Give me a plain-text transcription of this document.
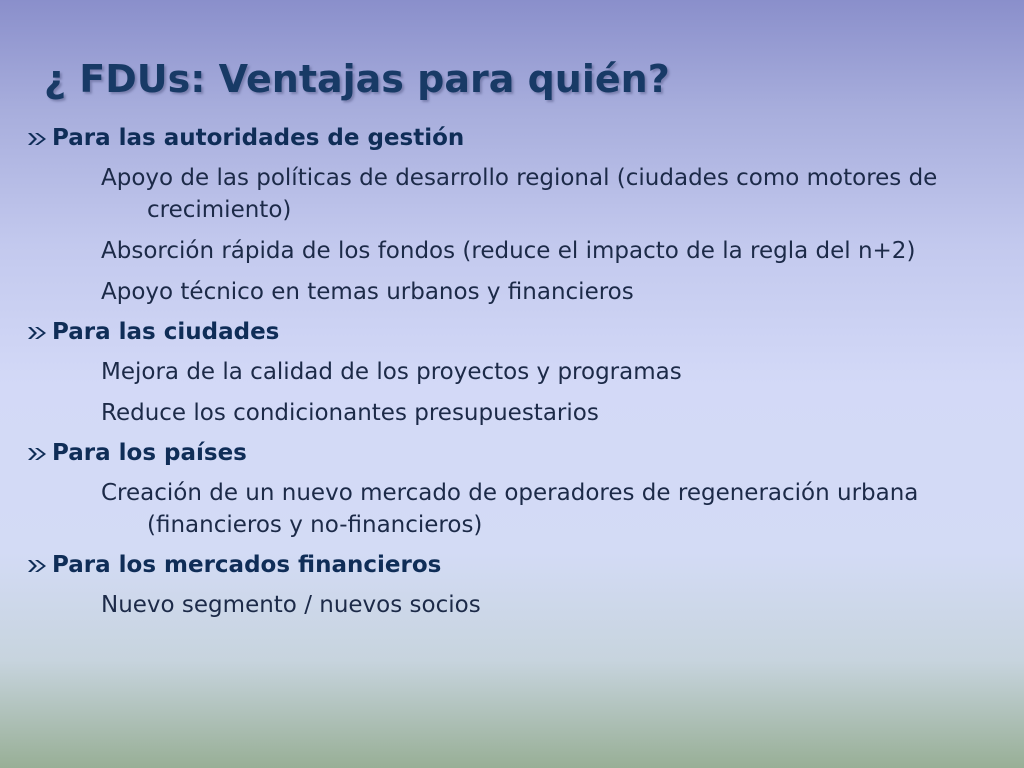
¿ FDUs: Ventajas para quién?
Para las autoridades de gestión
Apoyo de las políticas de desarrollo regional (ciudades como motores de crecimiento)
Absorción rápida de los fondos (reduce el impacto de la regla del n+2)
Apoyo técnico en temas urbanos y financieros
Para las ciudades
Mejora de la calidad de los proyectos y programas
Reduce los condicionantes presupuestarios
Para los países
Creación de un nuevo mercado de operadores de regeneración urbana (financieros y no-financieros)
Para los mercados financieros
Nuevo segmento / nuevos socios
